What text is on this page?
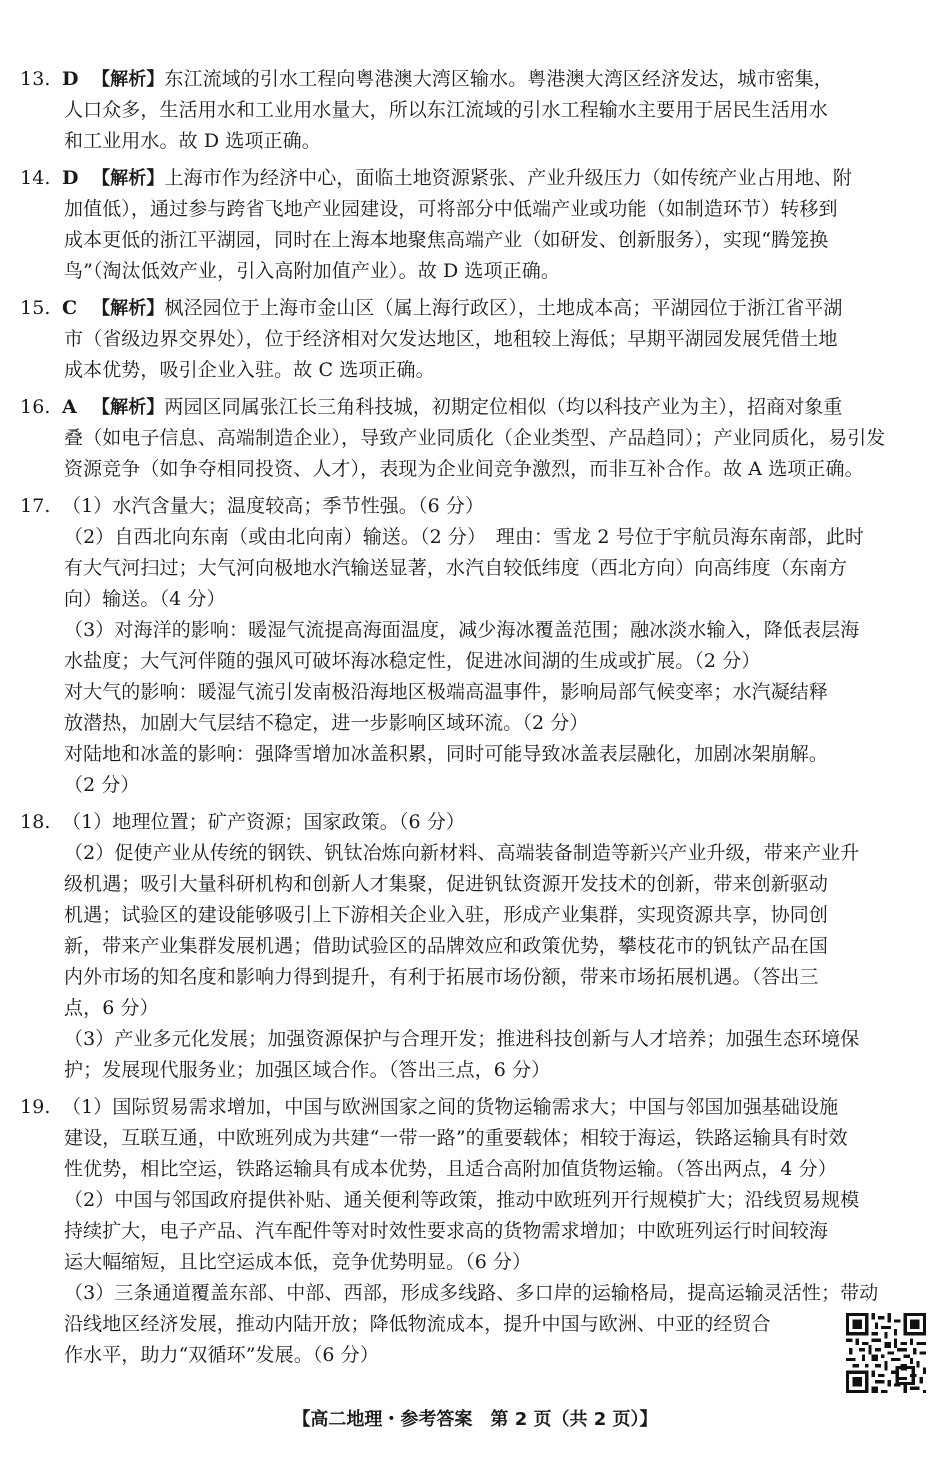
13. D 【解析】东江流域的引水工程向粤港澳大湾区输水。粤港澳大湾区经济发达，城市密集，
人口众多，生活用水和工业用水量大，所以东江流域的引水工程输水主要用于居民生活用水
和工业用水。故 D 选项正确。
14. D 【解析】上海市作为经济中心，面临土地资源紧张、产业升级压力（如传统产业占用地、附
加值低），通过参与跨省飞地产业园建设，可将部分中低端产业或功能（如制造环节）转移到
成本更低的浙江平湖园，同时在上海本地聚焦高端产业（如研发、创新服务），实现“腾笼换
鸟”（淘汰低效产业，引入高附加值产业）。故 D 选项正确。
15. C 【解析】枫泾园位于上海市金山区（属上海行政区），土地成本高；平湖园位于浙江省平湖
市（省级边界交界处），位于经济相对欠发达地区，地租较上海低；早期平湖园发展凭借土地
成本优势，吸引企业入驻。故 C 选项正确。
16. A 【解析】两园区同属张江长三角科技城，初期定位相似（均以科技产业为主），招商对象重
叠（如电子信息、高端制造企业），导致产业同质化（企业类型、产品趋同）；产业同质化，易引发
资源竞争（如争夺相同投资、人才），表现为企业间竞争激烈，而非互补合作。故 A 选项正确。
17. （1）水汽含量大；温度较高；季节性强。（6 分）
（2）自西北向东南（或由北向南）输送。（2 分）　理由：雪龙 2 号位于宇航员海东南部，此时
有大气河扫过；大气河向极地水汽输送显著，水汽自较低纬度（西北方向）向高纬度（东南方
向）输送。（4 分）
（3）对海洋的影响：暖湿气流提高海面温度，减少海冰覆盖范围；融冰淡水输入，降低表层海
水盐度；大气河伴随的强风可破坏海冰稳定性，促进冰间湖的生成或扩展。（2 分）
对大气的影响：暖湿气流引发南极沿海地区极端高温事件，影响局部气候变率；水汽凝结释
放潜热，加剧大气层结不稳定，进一步影响区域环流。（2 分）
对陆地和冰盖的影响：强降雪增加冰盖积累，同时可能导致冰盖表层融化，加剧冰架崩解。
（2 分）
18. （1）地理位置；矿产资源；国家政策。（6 分）
（2）促使产业从传统的钢铁、钒钛冶炼向新材料、高端装备制造等新兴产业升级，带来产业升
级机遇；吸引大量科研机构和创新人才集聚，促进钒钛资源开发技术的创新，带来创新驱动
机遇；试验区的建设能够吸引上下游相关企业入驻，形成产业集群，实现资源共享，协同创
新，带来产业集群发展机遇；借助试验区的品牌效应和政策优势，攀枝花市的钒钛产品在国
内外市场的知名度和影响力得到提升，有利于拓展市场份额，带来市场拓展机遇。（答出三
点，6 分）
（3）产业多元化发展；加强资源保护与合理开发；推进科技创新与人才培养；加强生态环境保
护；发展现代服务业；加强区域合作。（答出三点，6 分）
19. （1）国际贸易需求增加，中国与欧洲国家之间的货物运输需求大；中国与邻国加强基础设施
建设，互联互通，中欧班列成为共建“一带一路”的重要载体；相较于海运，铁路运输具有时效
性优势，相比空运，铁路运输具有成本优势，且适合高附加值货物运输。（答出两点，4 分）
（2）中国与邻国政府提供补贴、通关便利等政策，推动中欧班列开行规模扩大；沿线贸易规模
持续扩大，电子产品、汽车配件等对时效性要求高的货物需求增加；中欧班列运行时间较海
运大幅缩短，且比空运成本低，竞争优势明显。（6 分）
（3）三条通道覆盖东部、中部、西部，形成多线路、多口岸的运输格局，提高运输灵活性；带动
沿线地区经济发展，推动内陆开放；降低物流成本，提升中国与欧洲、中亚的经贸合
作水平，助力“双循环”发展。（6 分）
【高二地理・参考答案　第 2 页（共 2 页）】
